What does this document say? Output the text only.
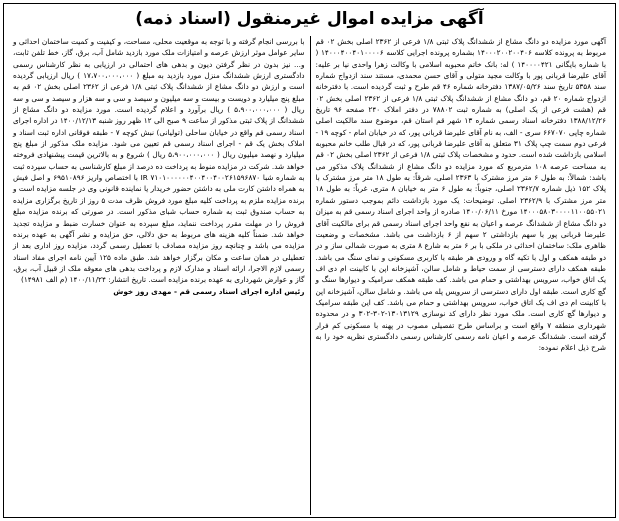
آگهی مزایده اموال غیرمنقول (اسناد ذمه)

آگهی مورد مزایده دو دانگ مشاع از ششدانگ پلاک ثبتی ۱/۸ فرعی از ۲۳۶۲ اصلی بخش ۰۲ قم مربوط به پرونده کلاسه ۱۴۰۰۰۲۰۰۲۰۰۴۰۶ بشماره پرونده اجرایی کلاسه ۱۴۰۰۰۴۰۰۴۰۱۰۰۰۰۶ ( با شماره بایگانی ۱۴۰۰۰۰۴۲۱ ) له: بانک خاتم محبوبه اسلامی با وکالت زهرا واحدی نیا بر علیه: آقای علیرضا قربانی پور با وکالت مجید متولی و آقای حسن محمدی، مستند سند ازدواج شماره سند ۵۳۵۸ تاریخ سند ۱۳۸۷/۰۵/۲۶ دفترخانه شماره ۴۶ قم طرح و ثبت گردیده است. با دفترخانه ازدواج شماره ۲۰ قم، دو دانگ مشاع از ششدانگ پلاک ثبتی ۱/۸ فرعی از ۲۳۶۲ اصلی بخش ۰۲ قم (هشت فرعی از یک اصلی) به شماره ثبت ۷۸۸۰۲ در دفتر املاک ۲۴۰ صفحه ۹۶ تاریخ ۱۳۸۸/۱۲/۲۶ دفترخانه اسناد رسمی شماره ۱۳ شهر قم استان قم، موضوع سند مالکیت اصلی شماره چاپی ۶۶۷۰۷۰ سری - الف، به نام آقای علیرضا قربانی پور، که در خیابان امام - کوچه ۱۹ - فرعی دوم سمت چپ پلاک ۳۱ متعلق به آقای علیرضا قربانی پور، که در قبال طلب خانم محبوبه اسلامی بازداشت شده است. حدود و مشخصات پلاک ثبتی ۱/۸ فرعی از ۲۳۶۲ اصلی بخش ۰۲ قم به مساحت عرصه ۱۰۸ مترمربع که مورد مزایده دو دانگ مشاع از ششدانگ پلاک مذکور می باشد: شمالاً: به طول ۶ متر مرز مشترک با ۲۳۶۳ اصلی، شرقاً: به طول ۱۸ متر مرز مشترک با پلاک ۱۵۲ ذیل شماره ۲۳۶۲/۷ اصلی، جنوباً: به طول ۶ متر به خیابان ۸ متری، غرباً: به طول ۱۸ متر مرز مشترک با ۲۳۶۲/۹ اصلی. توضیحات: یک مورد بازداشت دائم بموجب دستور شماره ۱۴۰۰۰۵۸۰۳۰۰۰۰۱۱۰۰۵۵۰۲۱ مورخ ۱۴۰۰/۰۶/۱۱ صادره از واحد اجرای اسناد رسمی قم به میزان دو دانگ مشاع از ششدانگ عرصه و اعیان به نفع واحد اجرای اسناد رسمی قم برای مالکیت آقای علیرضا قربانی پور با سهم بازداشتی ۲ سهم از ۶ بازداشت می باشد. مشخصات و وضعیت ظاهری ملک: ساختمان احداثی در ملکی با بر ۶ متر به شارع ۸ متری به صورت شمالی ساز و در دو طبقه همکف و اول با تکیه گاه و ورودی هر طبقه با کاربری مسکونی و نمای سنگ می باشد. طبقه همکف دارای دسترسی از سمت حیاط و شامل سالن، آشپزخانه اپن با کابینت ام دی اف یک اتاق خواب، سرویس بهداشتی و حمام می باشد. کف طبقه همکف سرامیک و دیوارها سنگ و گچ کاری است. طبقه اول دارای دسترسی از سرویس پله می باشد. و شامل سالن، آشپزخانه اپن با کابینت ام دی اف یک اتاق خواب، سرویس بهداشتی و حمام می باشد. کف این طبقه سرامیک و دیوارها گچ کاری است. ملک مورد نظر دارای کد نوسازی ۱۳۰۱۳۱۲۹-۳۰۲-۳۰۲ و در محدوده شهرداری منطقه ۷ واقع است و براساس طرح تفصیلی مصوب در پهنه با مسکونی کم فرار گرفته است. ششدانگ عرصه و اعیان نامه رسمی کارشناس رسمی دادگستری نظریه خود را به شرح ذیل اعلام نموده:

با بررسی انجام گرفته و با توجه به موقعیت محلی، مساحت، و کیفیت و کمیت ساختمان احداثی و سایر عوامل موثر ارزش عرصه و امتیازات ملک مورد بازدید شامل آب، برق، گاز، خط تلفن ثابت، و... نیز بدون در نظر گرفتن دیون و بدهی های احتمالی در ارزیابی به نظر کارشناس رسمی دادگستری ارزش ششدانگ منزل مورد بازدید به مبلغ ( ۱۷،۷۰۰،۰۰۰،۰۰۰ ) ریال ارزیابی گردیده است و ارزش دو دانگ مشاع از ششدانگ پلاک ثبتی ۱/۸ فرعی از ۲۳۶۲ اصلی بخش ۰۲ قم به مبلغ پنج میلیارد و دویست و بیست و سه میلیون و سیصد و سی و سه هزار و سیصد و سی و سه ریال ( ۵،۹۰۰،۰۰۰،۰۰۰ ) ریال برآورد و اعلام گردیده است. مورد مزایده دو دانگ مشاع از ششدانگ از پلاک ثبتی مذکور از ساعت ۹ صبح الی ۱۲ ظهر روز شنبه ۱۴۰۰/۱۲/۱۳ در اداره اجرای اسناد رسمی قم واقع در خیابان ساحلی (تولیانی) نبش کوچه ۷ - طبقه فوقانی اداره ثبت اسناد و املاک بخش یک قم - اجرای اسناد رسمی قم تعیین می شود. مزایده ملک مذکور از مبلغ پنج میلیارد و نهصد میلیون ریال ( ۵،۹۰۰،۰۰۰،۰۰۰ ریال ) شروع و به بالاترین قیمت پیشنهادی فروخته خواهد شد. شرکت در مزایده منوط به پرداخت ده درصد از مبلغ کارشناسی به حساب سپرده ثبت به شماره شبا IR ۷۱۰۱۰۰۰۰۰۰۴۰۰۴۰۰۴۰۰۲۶۱۵۹۶۸۷۰ با اختصاص واریز ۶۹۵۱۰۸۹۶ و اصل فیش به همراه داشتن کارت ملی به داشتن حضور خریدار یا نماینده قانونی وی در جلسه مزایده است و برنده مزایده ملزم به پرداخت کلیه مبلغ مورد فروش ظرف مدت ۵ روز از تاریخ برگزاری مزایده به حساب صندوق ثبت به شماره حساب شبای مذکور است. در صورتی که برنده مزایده مبلغ فروش را در مهلت مقرر پرداخت ننماید، مبلغ سپرده به عنوان خسارت ضبط و مزایده تجدید خواهد شد. ضمناً کلیه هزینه های مربوط به حق دلالی، حق مزایده و نشر آگهی به عهده برنده مزایده می باشد و چنانچه روز مزایده مصادف با تعطیل رسمی گردد، مزایده روز اداری بعد از تعطیلی در همان ساعت و مکان برگزار خواهد شد. طبق ماده ۱۲۵ آیین نامه اجرای مفاد اسناد رسمی لازم الاجرا، ارائه اسناد و مدارک لازم و پرداخت بدهی های معوقه ملک از قبیل آب، برق، گاز و عوارض شهرداری به عهده برنده مزایده است. تاریخ انتشار: ۱۴۰۰/۱۱/۲۴ (م الف ۱۴۹۸۱)

رئیس اداره اجرای اسناد رسمی قم - مهدی روز خوش
